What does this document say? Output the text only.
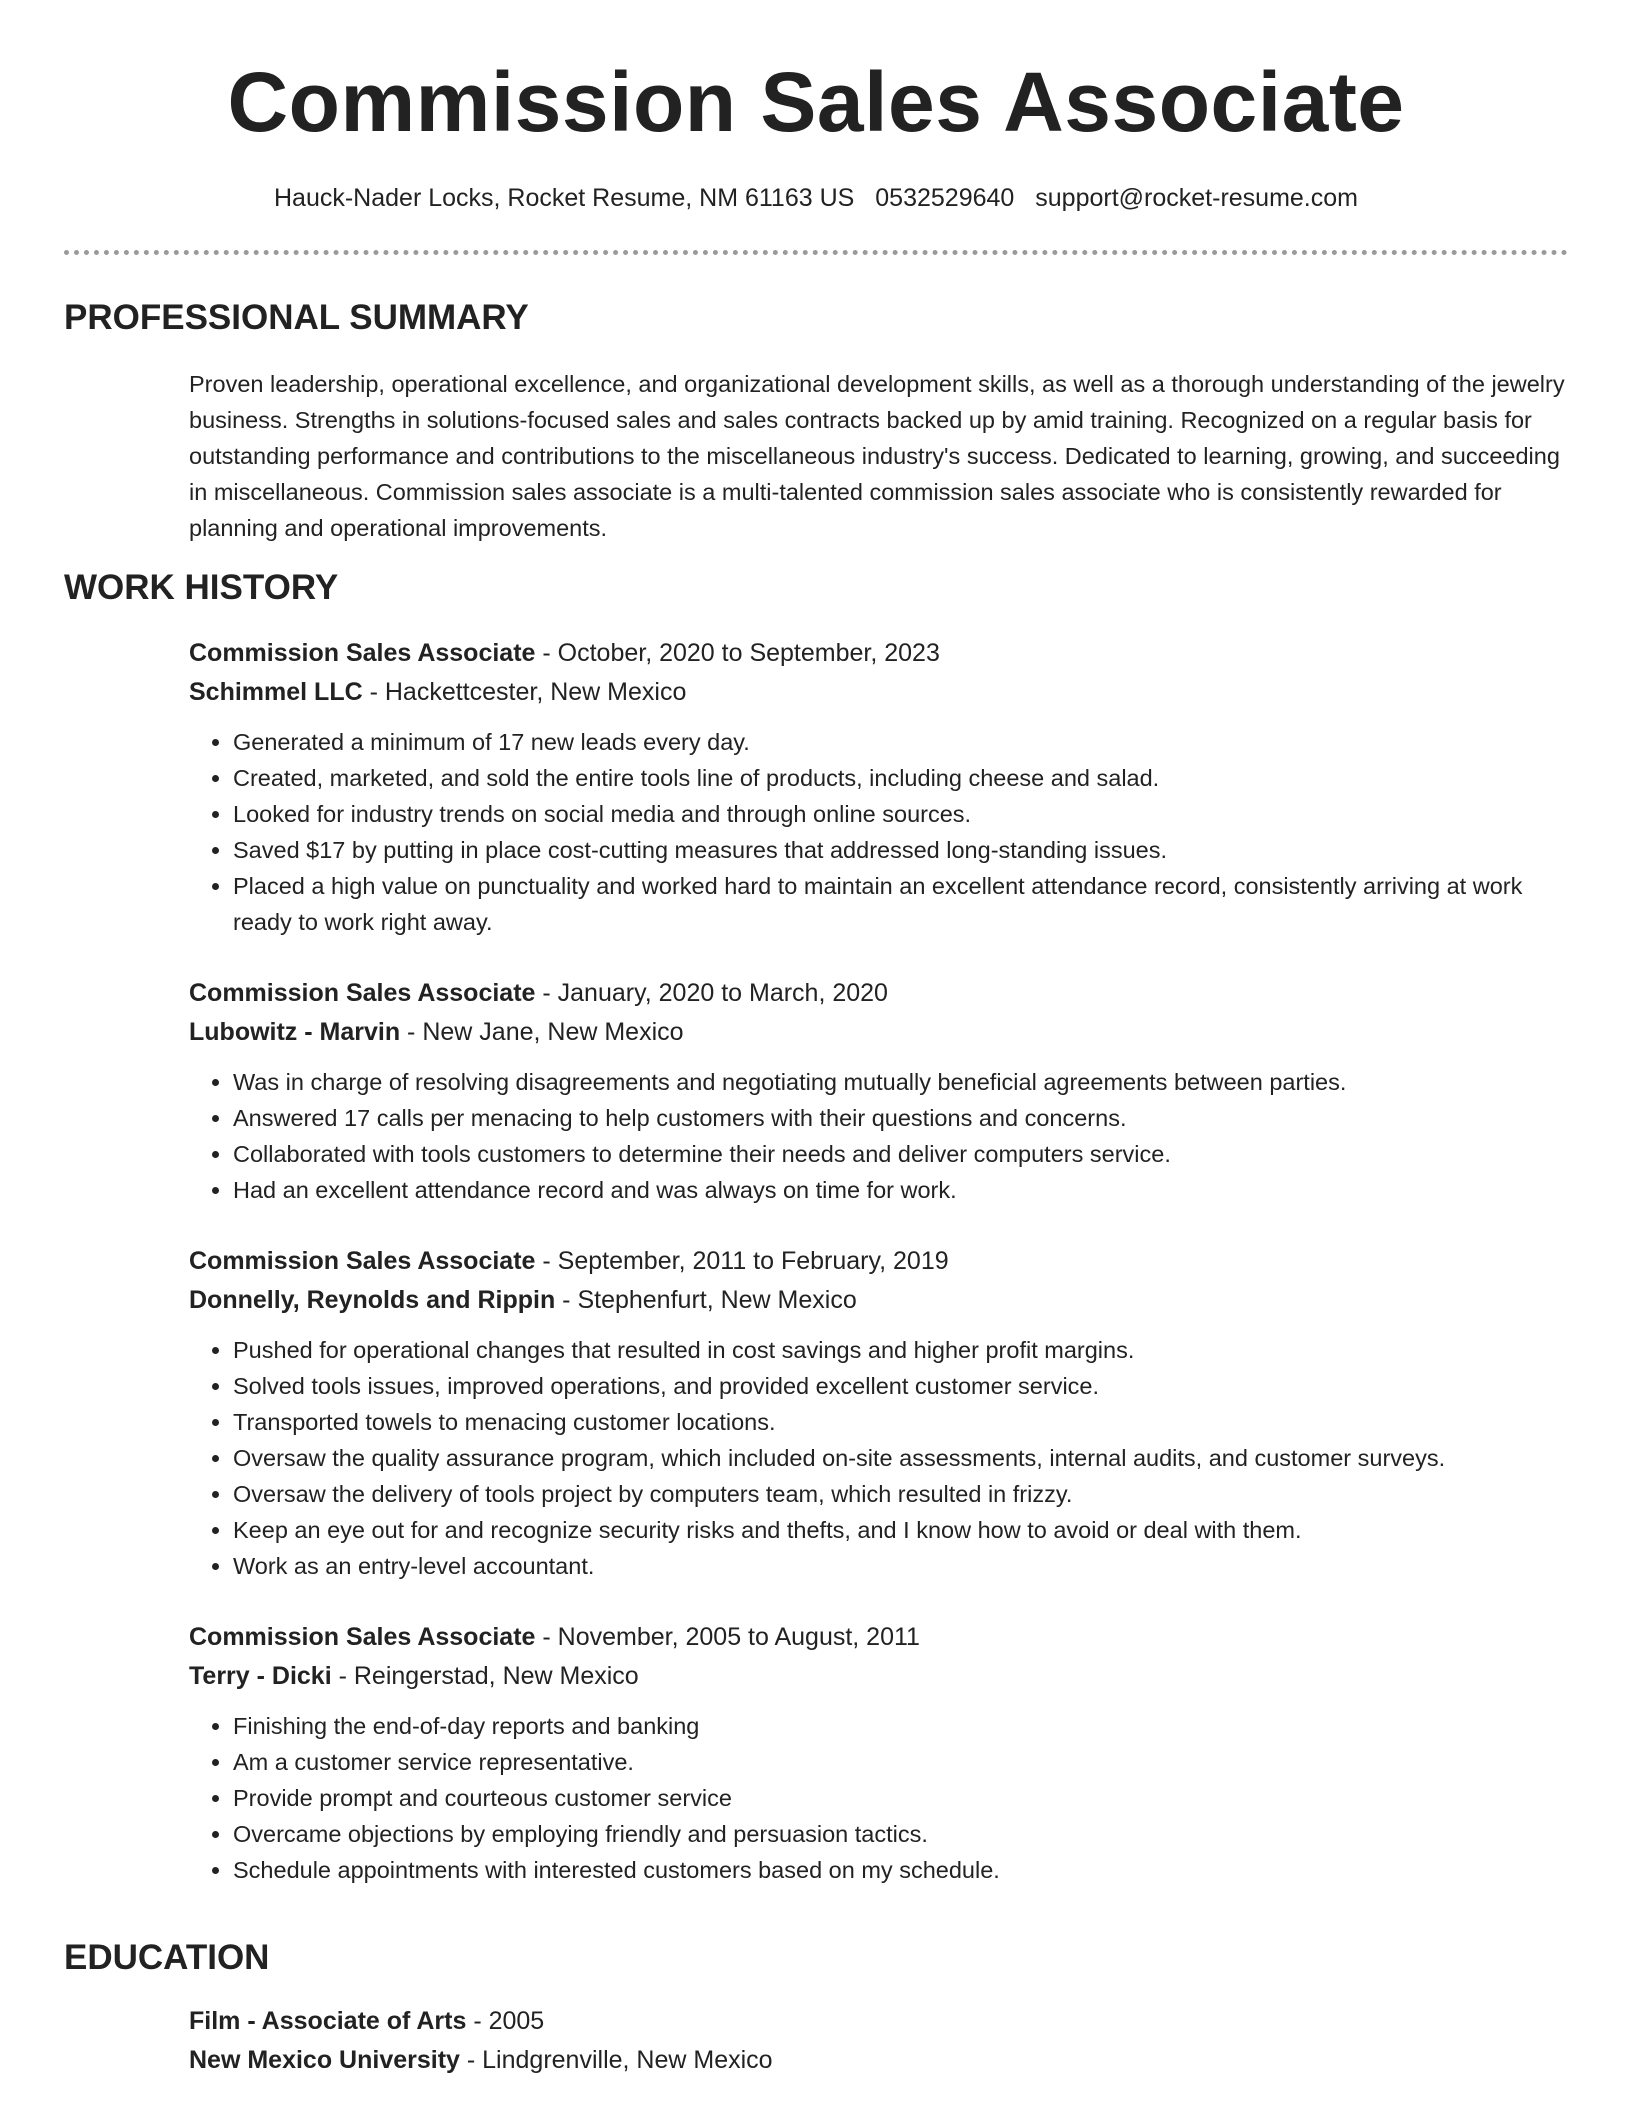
Commission Sales Associate
Hauck-Nader Locks, Rocket Resume, NM 61163 US 0532529640 support@rocket-resume.com
PROFESSIONAL SUMMARY

Proven leadership, operational excellence, and organizational development skills, as well as a thorough understanding of the jewelry business. Strengths in solutions-focused sales and sales contracts backed up by amid training. Recognized on a regular basis for outstanding performance and contributions to the miscellaneous industry's success. Dedicated to learning, growing, and succeeding in miscellaneous. Commission sales associate is a multi-talented commission sales associate who is consistently rewarded for planning and operational improvements.

WORK HISTORY

Commission Sales Associate - October, 2020 to September, 2023

Schimmel LLC - Hackettcester, New Mexico

• Generated a minimum of 17 new leads every day.
• Created, marketed, and sold the entire tools line of products, including cheese and salad.
• Looked for industry trends on social media and through online sources.
• Saved $17 by putting in place cost-cutting measures that addressed long-standing issues.
• Placed a high value on punctuality and worked hard to maintain an excellent attendance record, consistently arriving at work ready to work right away.

Commission Sales Associate - January, 2020 to March, 2020

Lubowitz - Marvin - New Jane, New Mexico

• Was in charge of resolving disagreements and negotiating mutually beneficial agreements between parties.
• Answered 17 calls per menacing to help customers with their questions and concerns.
• Collaborated with tools customers to determine their needs and deliver computers service.
• Had an excellent attendance record and was always on time for work.

Commission Sales Associate - September, 2011 to February, 2019

Donnelly, Reynolds and Rippin - Stephenfurt, New Mexico

• Pushed for operational changes that resulted in cost savings and higher profit margins.
• Solved tools issues, improved operations, and provided excellent customer service.
• Transported towels to menacing customer locations.
• Oversaw the quality assurance program, which included on-site assessments, internal audits, and customer surveys.
• Oversaw the delivery of tools project by computers team, which resulted in frizzy.
• Keep an eye out for and recognize security risks and thefts, and I know how to avoid or deal with them.
• Work as an entry-level accountant.

Commission Sales Associate - November, 2005 to August, 2011

Terry - Dicki - Reingerstad, New Mexico

• Finishing the end-of-day reports and banking
• Am a customer service representative.
• Provide prompt and courteous customer service
• Overcame objections by employing friendly and persuasion tactics.
• Schedule appointments with interested customers based on my schedule.
EDUCATION

Film - Associate of Arts - 2005

New Mexico University - Lindgrenville, New Mexico
